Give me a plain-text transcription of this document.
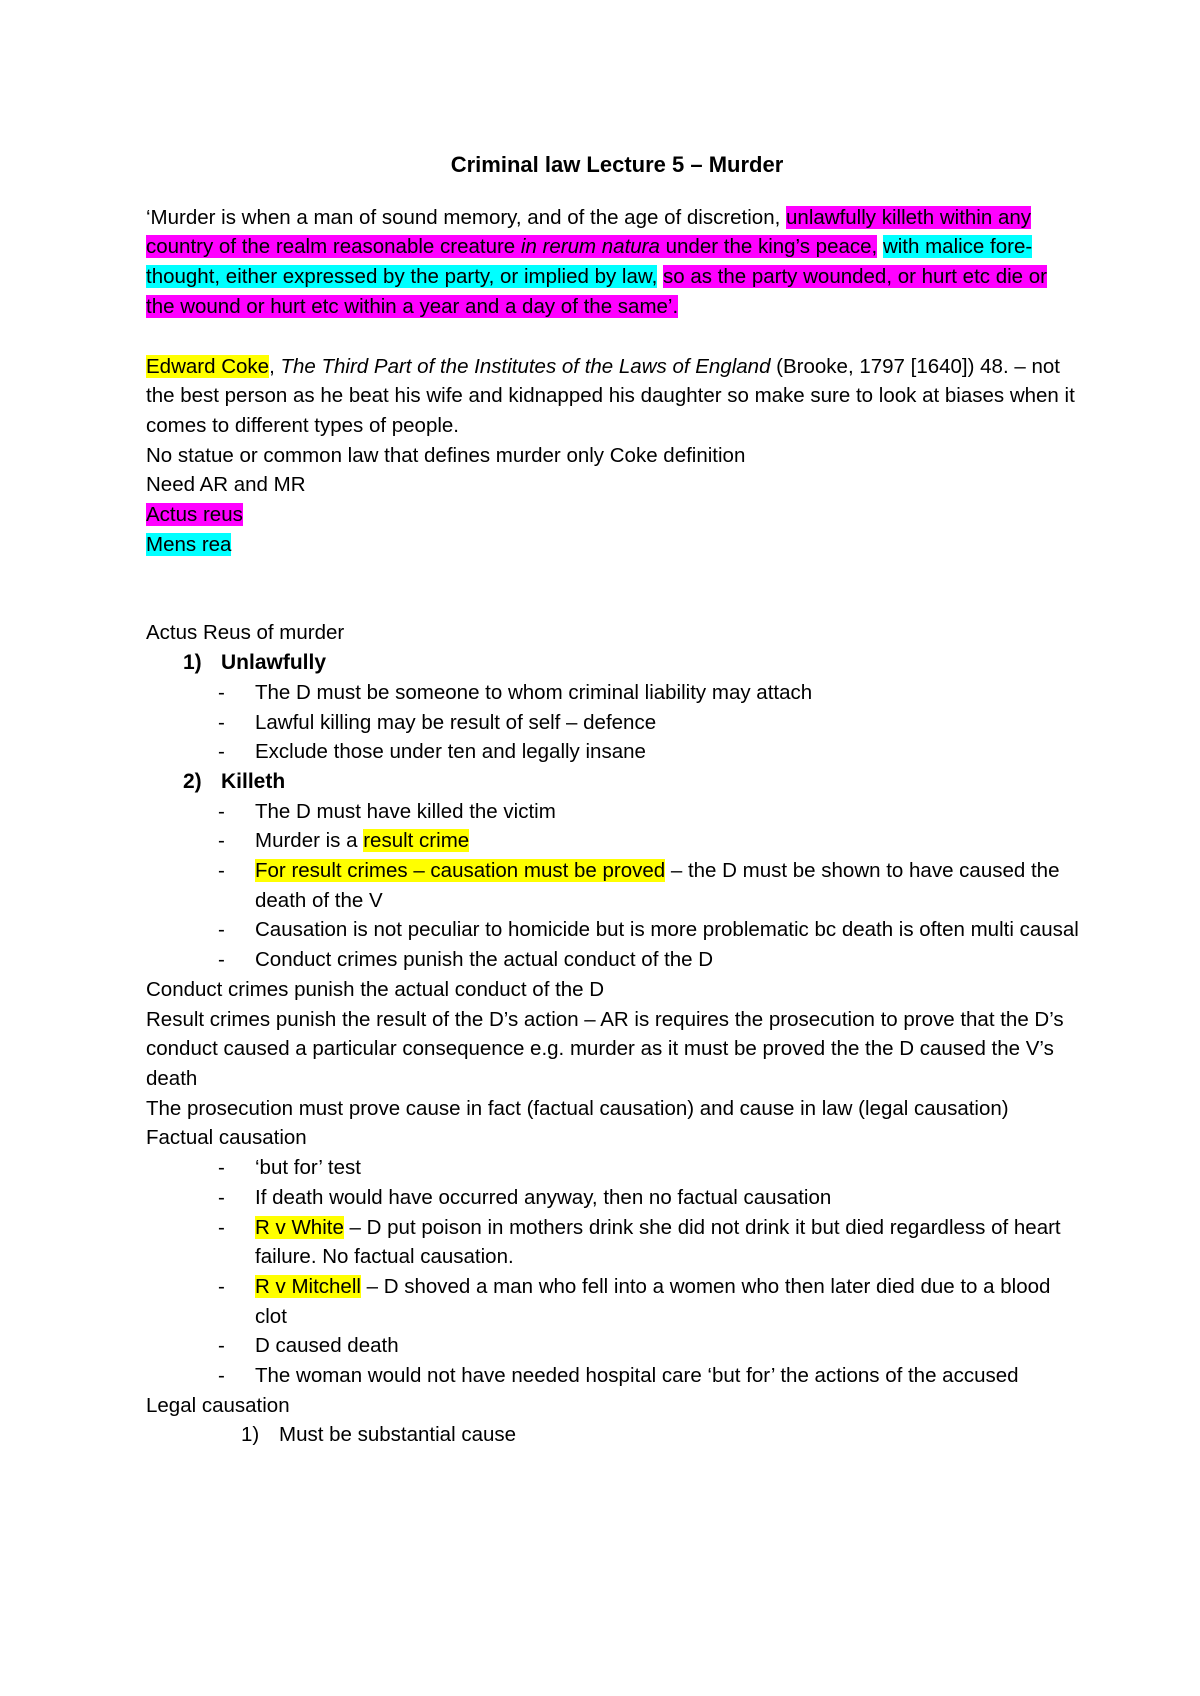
Criminal law Lecture 5 – Murder

‘Murder is when a man of sound memory, and of the age of discretion, unlawfully killeth within any country of the realm reasonable creature in rerum natura under the king’s peace, with malice fore-thought, either expressed by the party, or implied by law, so as the party wounded, or hurt etc die or the wound or hurt etc within a year and a day of the same’.

Edward Coke, The Third Part of the Institutes of the Laws of England (Brooke, 1797 [1640]) 48. – not the best person as he beat his wife and kidnapped his daughter so make sure to look at biases when it comes to different types of people.

No statue or common law that defines murder only Coke definition

Need AR and MR

Actus reus

Mens rea

Actus Reus of murder

1) Unlawfully
-	The D must be someone to whom criminal liability may attach
-	Lawful killing may be result of self – defence
-	Exclude those under ten and legally insane
2) Killeth
-	The D must have killed the victim
-	Murder is a result crime
-	For result crimes – causation must be proved – the D must be shown to have caused the death of the V
-	Causation is not peculiar to homicide but is more problematic bc death is often multi causal
-	Conduct crimes punish the actual conduct of the D

Conduct crimes punish the actual conduct of the D

Result crimes punish the result of the D’s action – AR is requires the prosecution to prove that the D’s conduct caused a particular consequence e.g. murder as it must be proved the the D caused the V’s death

The prosecution must prove cause in fact (factual causation) and cause in law (legal causation)

Factual causation

-	‘but for’ test
-	If death would have occurred anyway, then no factual causation
-	R v White – D put poison in mothers drink she did not drink it but died regardless of heart failure. No factual causation.
-	R v Mitchell – D shoved a man who fell into a women who then later died due to a blood clot
-	D caused death
-	The woman would not have needed hospital care ‘but for’ the actions of the accused

Legal causation

1) Must be substantial cause
